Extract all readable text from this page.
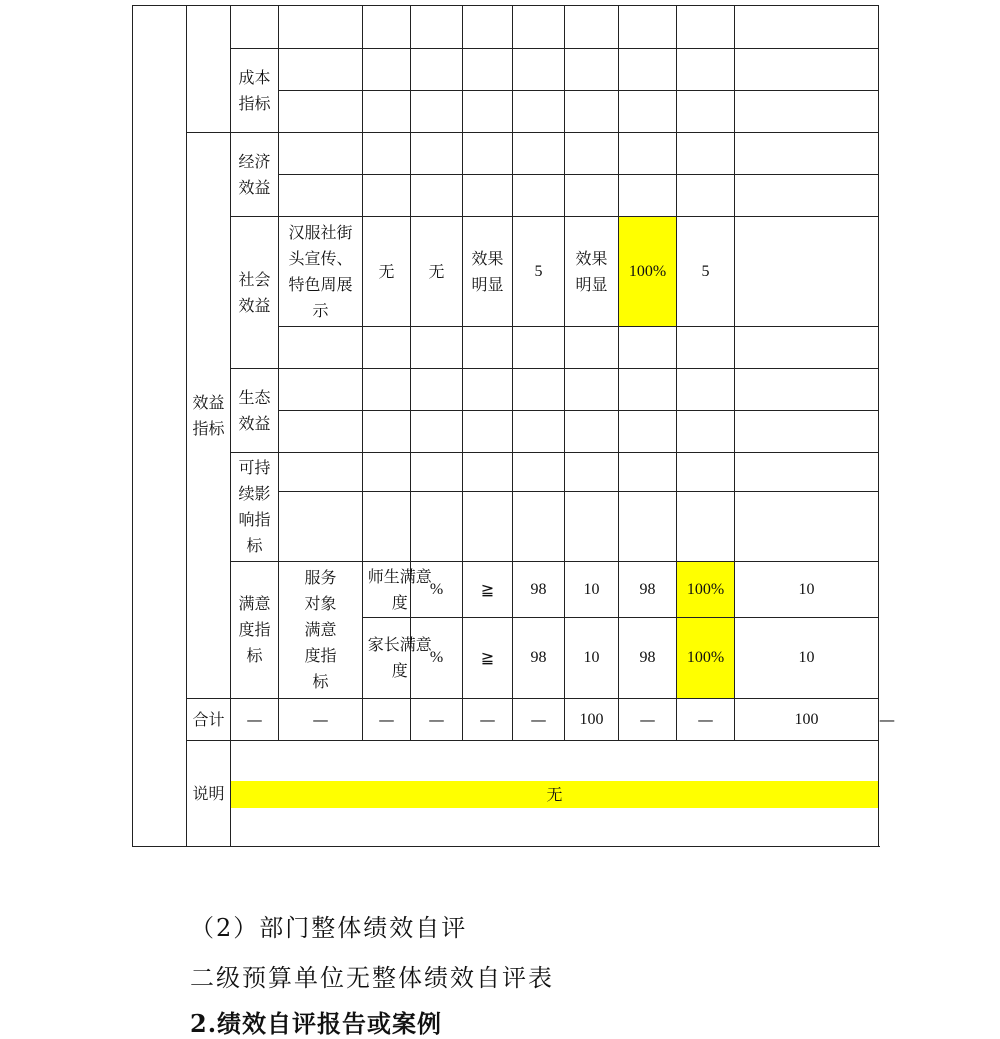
		成本指标										

	效益指标	经济效益										

		社会效益	汉服社街头宣传、特色周展示	无	无	效果明显	5	效果明显	100%	5		

		生态效益										

		可持续影响指标										

		满意度指标	服务对象满意度指标	师生满意度	%	≧	98	10	98	100%	10	

				家长满意度	%	≧	98	10	98	100%	10	
	合计	—	—	—	—	—	—	100	—	—	100	—
	说明	无										
（2）部门整体绩效自评
二级预算单位无整体绩效自评表
2.绩效自评报告或案例
